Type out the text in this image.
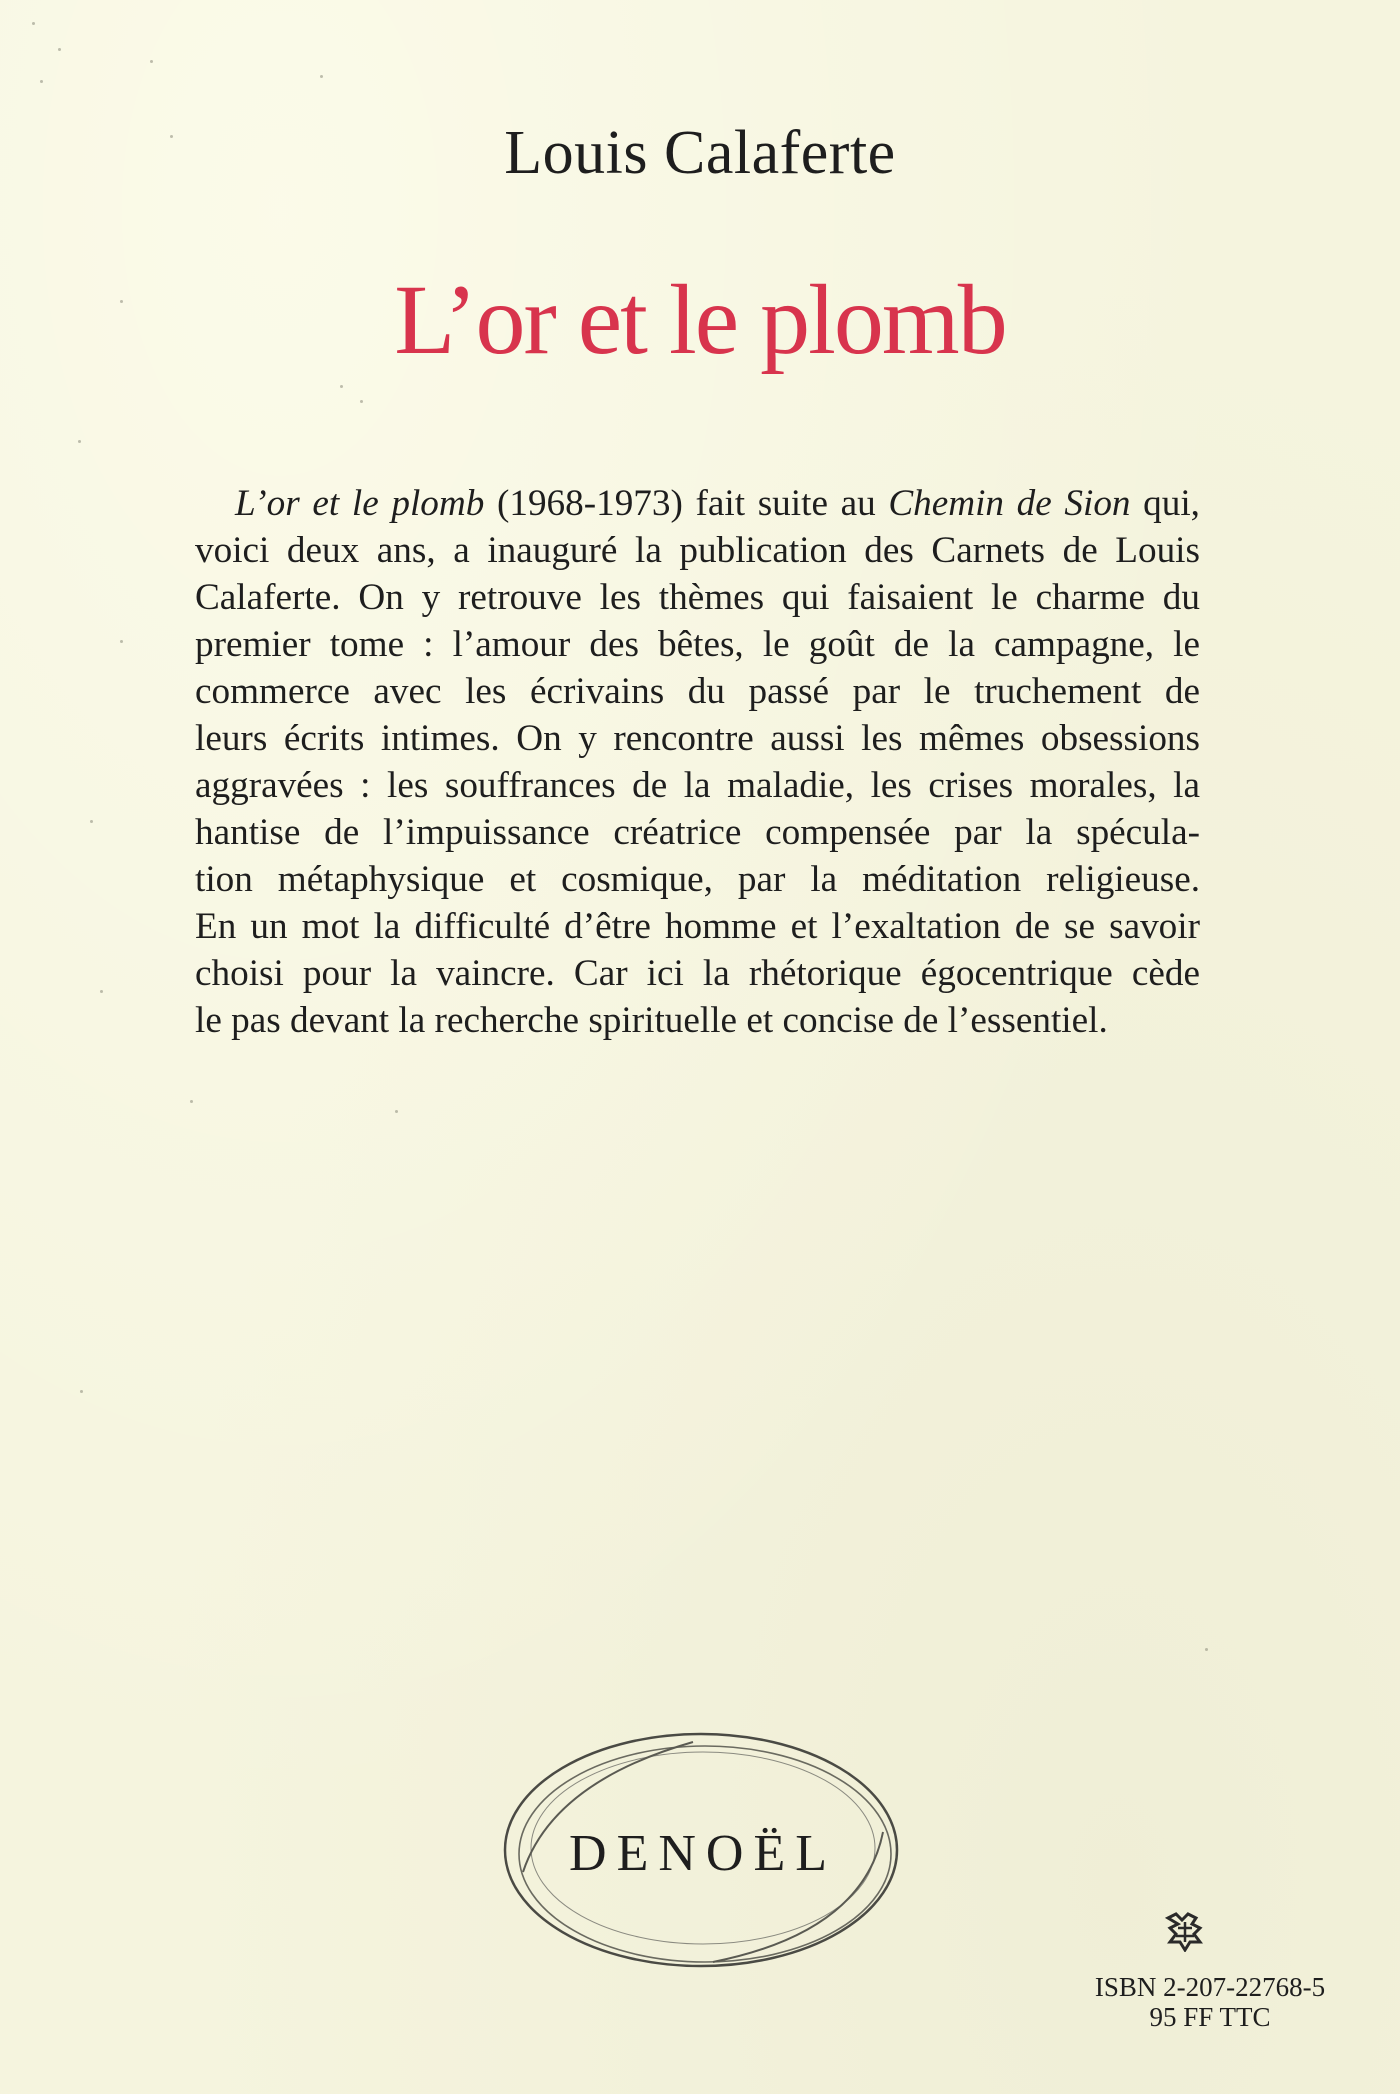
Louis Calaferte
L’or et le plomb
L’or et le plomb (1968-1973) fait suite au Chemin de Sion qui,
voici deux ans, a inauguré la publication des Carnets de Louis
Calaferte. On y retrouve les thèmes qui faisaient le charme du
premier tome : l’amour des bêtes, le goût de la campagne, le
commerce avec les écrivains du passé par le truchement de
leurs écrits intimes. On y rencontre aussi les mêmes obsessions
aggravées : les souffrances de la maladie, les crises morales, la
hantise de l’impuissance créatrice compensée par la spécula-
tion métaphysique et cosmique, par la méditation religieuse.
En un mot la difficulté d’être homme et l’exaltation de se savoir
choisi pour la vaincre. Car ici la rhétorique égocentrique cède
le pas devant la recherche spirituelle et concise de l’essentiel.
DENOËL
ISBN 2-207-22768-5
95 FF TTC
